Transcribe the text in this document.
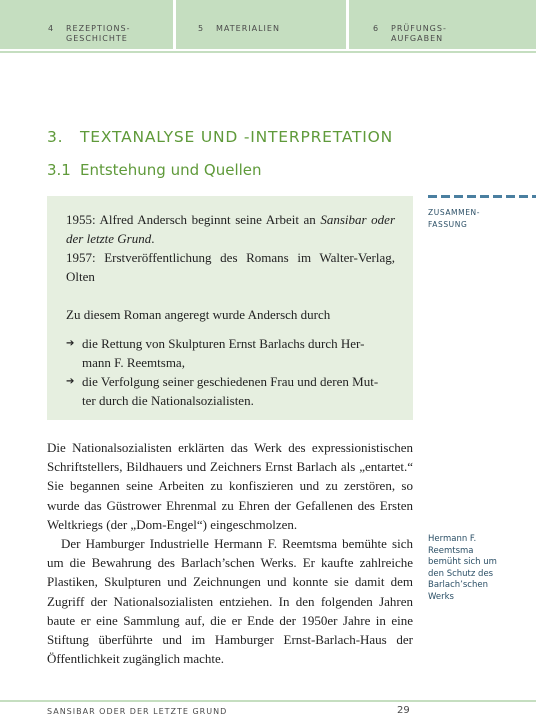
4 REZEPTIONS-
GESCHICHTE
5 MATERIALIEN	6 PRÜFUNGS-
AUFGABEN
3. TEXTANALYSE UND -INTERPRETATION
3.1 Entstehung und Quellen

ZUSAMMEN-
FASSUNG

1955: Alfred Andersch beginnt seine Arbeit an Sansibar oder der letzte Grund.

1957: Erstveröffentlichung des Romans im Walter-Verlag, Olten

Zu diesem Roman angeregt wurde Andersch durch

➔ die Rettung von Skulpturen Ernst Barlachs durch Her-
mann F. Reemtsma,
➔ die Verfolgung seiner geschiedenen Frau und deren Mut-
ter durch die Nationalsozialisten.

Die Nationalsozialisten erklärten das Werk des expressionistischen Schriftstellers, Bildhauers und Zeichners Ernst Barlach als „entartet.“ Sie begannen seine Arbeiten zu konfiszieren und zu zerstören, so wurde das Güstrower Ehrenmal zu Ehren der Gefallenen des Ersten Weltkriegs (der „Dom-Engel“) eingeschmolzen.

Der Hamburger Industrielle Hermann F. Reemtsma bemühte sich um die Bewahrung des Barlach’schen Werks. Er kaufte zahlreiche Plastiken, Skulpturen und Zeichnungen und konnte sie damit dem Zugriff der Nationalsozialisten entziehen. In den folgenden Jahren baute er eine Sammlung auf, die er Ende der 1950er Jahre in eine Stiftung überführte und im Hamburger Ernst-Barlach-Haus der Öffentlichkeit zugänglich machte.

Hermann F.
Reemtsma
bemüht sich um
den Schutz des
Barlach’schen
Werks

SANSIBAR ODER DER LETZTE GRUND	29
